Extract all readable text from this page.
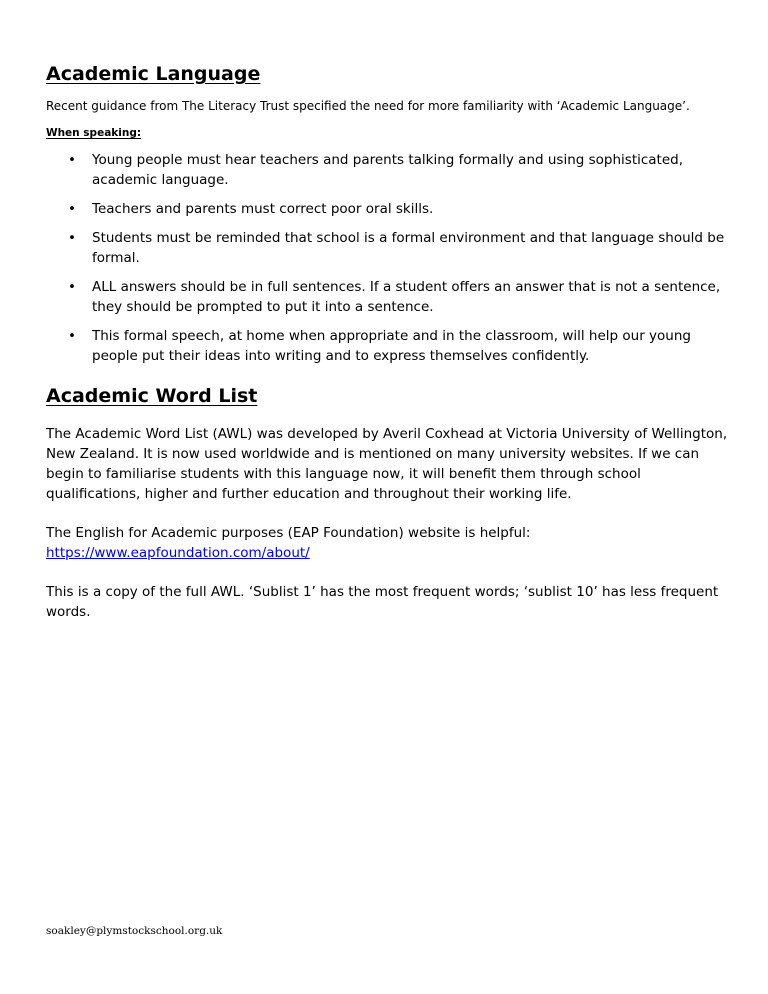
Academic Language

Recent guidance from The Literacy Trust specified the need for more familiarity with ‘Academic Language’.

When speaking:

• Young people must hear teachers and parents talking formally and using sophisticated, academic language.
• Teachers and parents must correct poor oral skills.
• Students must be reminded that school is a formal environment and that language should be formal.
• ALL answers should be in full sentences. If a student offers an answer that is not a sentence, they should be prompted to put it into a sentence.
• This formal speech, at home when appropriate and in the classroom, will help our young people put their ideas into writing and to express themselves confidently.
Academic Word List

The Academic Word List (AWL) was developed by Averil Coxhead at Victoria University of Wellington, New Zealand. It is now used worldwide and is mentioned on many university websites. If we can begin to familiarise students with this language now, it will benefit them through school qualifications, higher and further education and throughout their working life.

The English for Academic purposes (EAP Foundation) website is helpful:
https://www.eapfoundation.com/about/

This is a copy of the full AWL. ‘Sublist 1’ has the most frequent words; ‘sublist 10’ has less frequent words.

soakley@plymstockschool.org.uk
